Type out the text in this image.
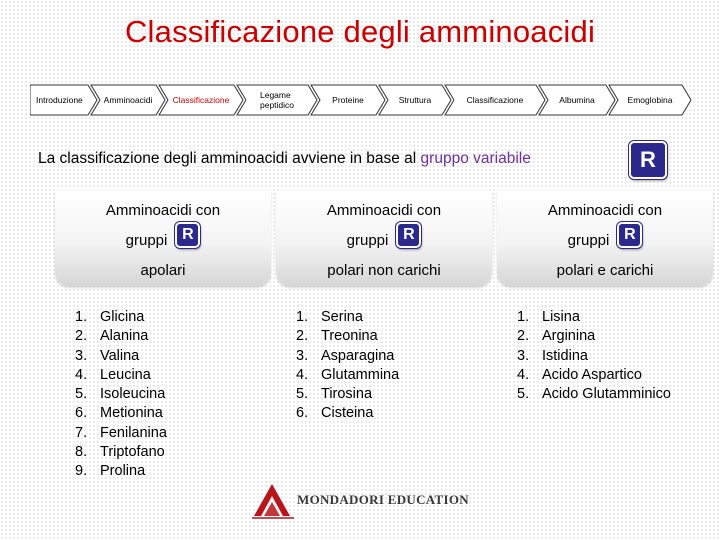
Classificazione degli amminoacidi
Introduzione	Amminoacidi	Classificazione	Legame peptidico	Proteine	Struttura	Classificazione	Albumina	Emoglobina
La classificazione degli amminoacidi avviene in base al gruppo variabile	R
Amminoacidi con
gruppi R
apolari
1. Glicina
2. Alanina
3. Valina
4. Leucina
5. Isoleucina
6. Metionina
7. Fenilanina
8. Triptofano
9. Prolina
Amminoacidi con
gruppi R
polari non carichi
1. Serina
2. Treonina
3. Asparagina
4. Glutammina
5. Tirosina
6. Cisteina
Amminoacidi con
gruppi R
polari e carichi
1. Lisina
2. Arginina
3. Istidina
4. Acido Aspartico
5. Acido Glutamminico
MONDADORI EDUCATION
